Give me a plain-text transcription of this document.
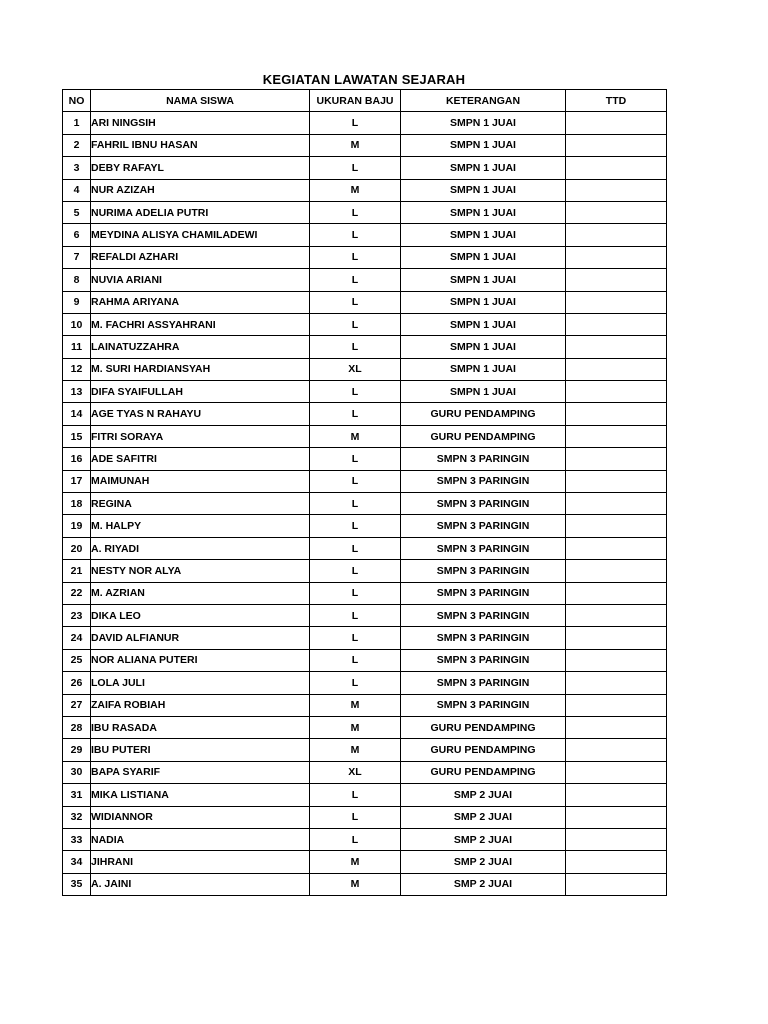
KEGIATAN LAWATAN SEJARAH
NO	NAMA SISWA	UKURAN BAJU	KETERANGAN	TTD
1	ARI NINGSIH	L	SMPN 1 JUAI	
2	FAHRIL IBNU HASAN	M	SMPN 1 JUAI	
3	DEBY RAFAYL	L	SMPN 1 JUAI	
4	NUR AZIZAH	M	SMPN 1 JUAI	
5	NURIMA ADELIA PUTRI	L	SMPN 1 JUAI	
6	MEYDINA ALISYA CHAMILADEWI	L	SMPN 1 JUAI	
7	REFALDI AZHARI	L	SMPN 1 JUAI	
8	NUVIA ARIANI	L	SMPN 1 JUAI	
9	RAHMA ARIYANA	L	SMPN 1 JUAI	
10	M. FACHRI ASSYAHRANI	L	SMPN 1 JUAI	
11	LAINATUZZAHRA	L	SMPN 1 JUAI	
12	M. SURI HARDIANSYAH	XL	SMPN 1 JUAI	
13	DIFA SYAIFULLAH	L	SMPN 1 JUAI	
14	AGE TYAS N RAHAYU	L	GURU PENDAMPING	
15	FITRI SORAYA	M	GURU PENDAMPING	
16	ADE SAFITRI	L	SMPN 3 PARINGIN	
17	MAIMUNAH	L	SMPN 3 PARINGIN	
18	REGINA	L	SMPN 3 PARINGIN	
19	M. HALPY	L	SMPN 3 PARINGIN	
20	A. RIYADI	L	SMPN 3 PARINGIN	
21	NESTY NOR ALYA	L	SMPN 3 PARINGIN	
22	M. AZRIAN	L	SMPN 3 PARINGIN	
23	DIKA LEO	L	SMPN 3 PARINGIN	
24	DAVID ALFIANUR	L	SMPN 3 PARINGIN	
25	NOR ALIANA PUTERI	L	SMPN 3 PARINGIN	
26	LOLA JULI	L	SMPN 3 PARINGIN	
27	ZAIFA ROBIAH	M	SMPN 3 PARINGIN	
28	IBU RASADA	M	GURU PENDAMPING	
29	IBU PUTERI	M	GURU PENDAMPING	
30	BAPA SYARIF	XL	GURU PENDAMPING	
31	MIKA LISTIANA	L	SMP 2 JUAI	
32	WIDIANNOR	L	SMP 2 JUAI	
33	NADIA	L	SMP 2 JUAI	
34	JIHRANI	M	SMP 2 JUAI	
35	A. JAINI	M	SMP 2 JUAI	
